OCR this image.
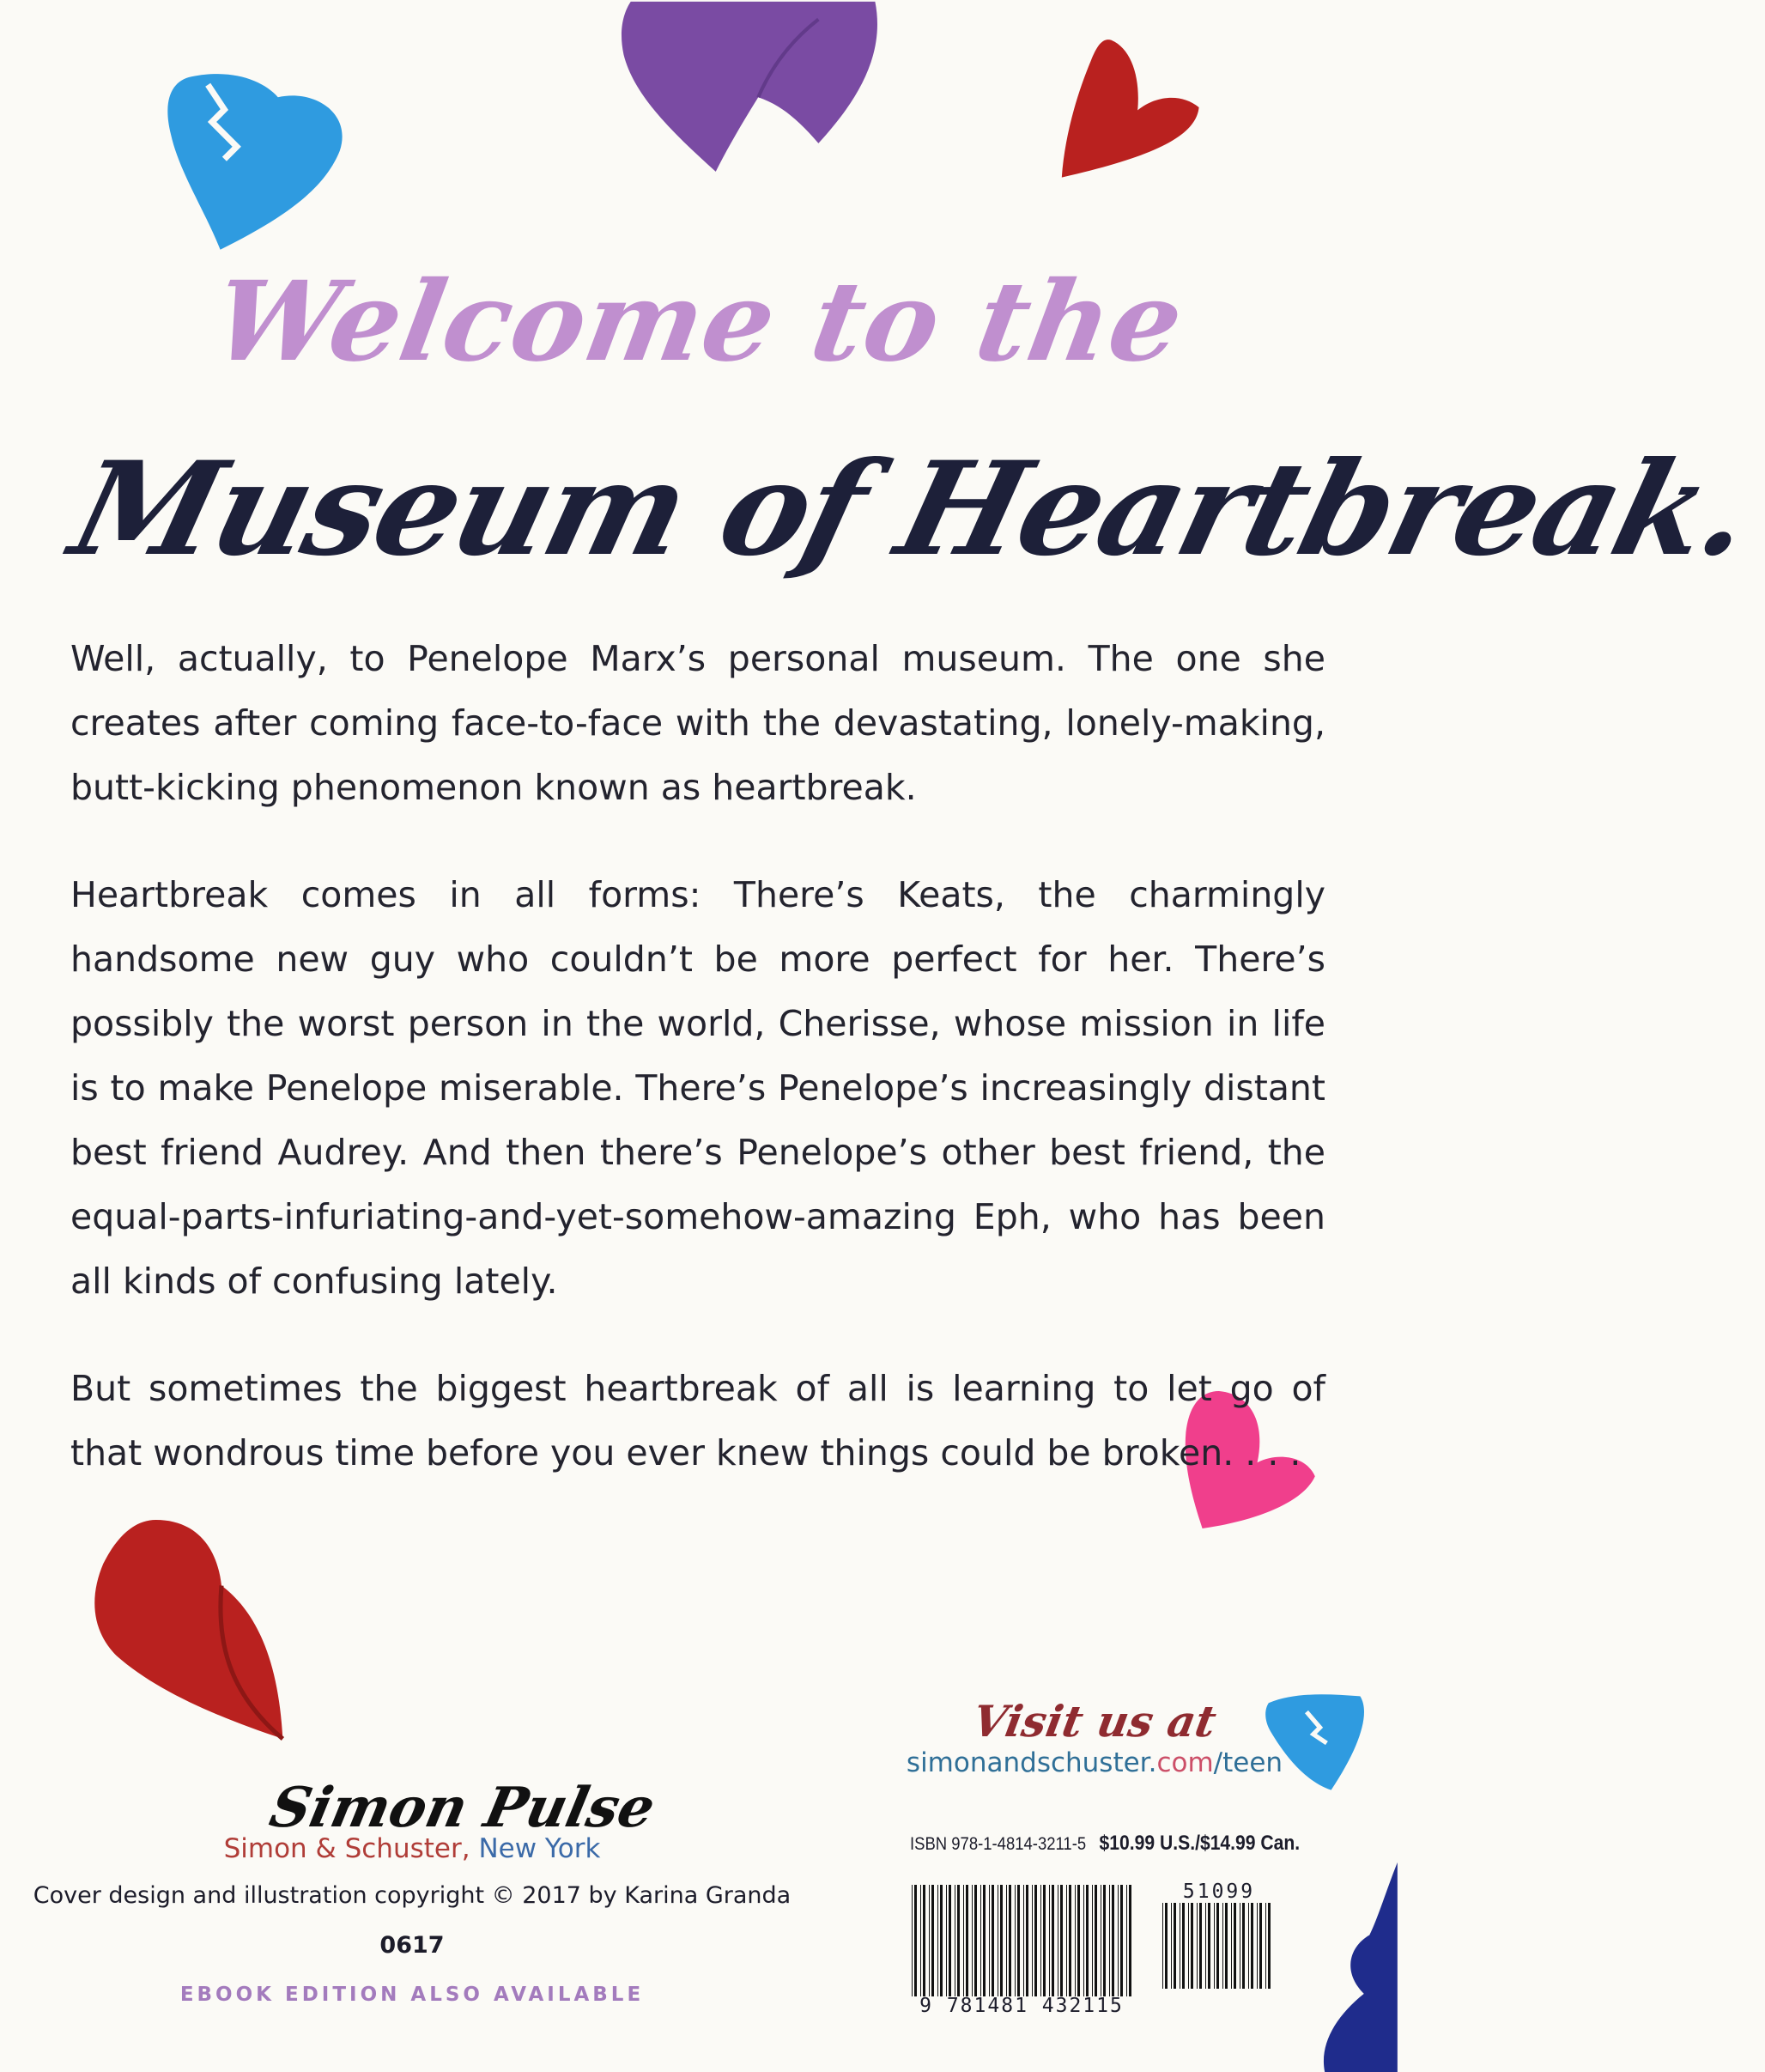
Welcome to the
Museum of Heartbreak.

Well, actually, to Penelope Marx’s personal museum. The one she creates after coming face-to-face with the devastating, lonely-making, butt-kicking phenomenon known as heartbreak.

Heartbreak comes in all forms: There’s Keats, the charmingly handsome new guy who couldn’t be more perfect for her. There’s possibly the worst person in the world, Cherisse, whose mission in life is to make Penelope miserable. There’s Penelope’s increasingly distant best friend Audrey. And then there’s Penelope’s other best friend, the equal-parts-infuriating-and-yet-somehow-amazing Eph, who has been all kinds of confusing lately.

But sometimes the biggest heartbreak of all is learning to let go of that wondrous time before you ever knew things could be broken. . . .

Simon Pulse
Simon & Schuster, New York
Cover design and illustration copyright © 2017 by Karina Granda
0617
EBOOK EDITION ALSO AVAILABLE
Visit us at
simonandschuster.com/teen
ISBN 978-1-4814-3211-5 $10.99 U.S./$14.99 Can.
9 781481 432115
51099
